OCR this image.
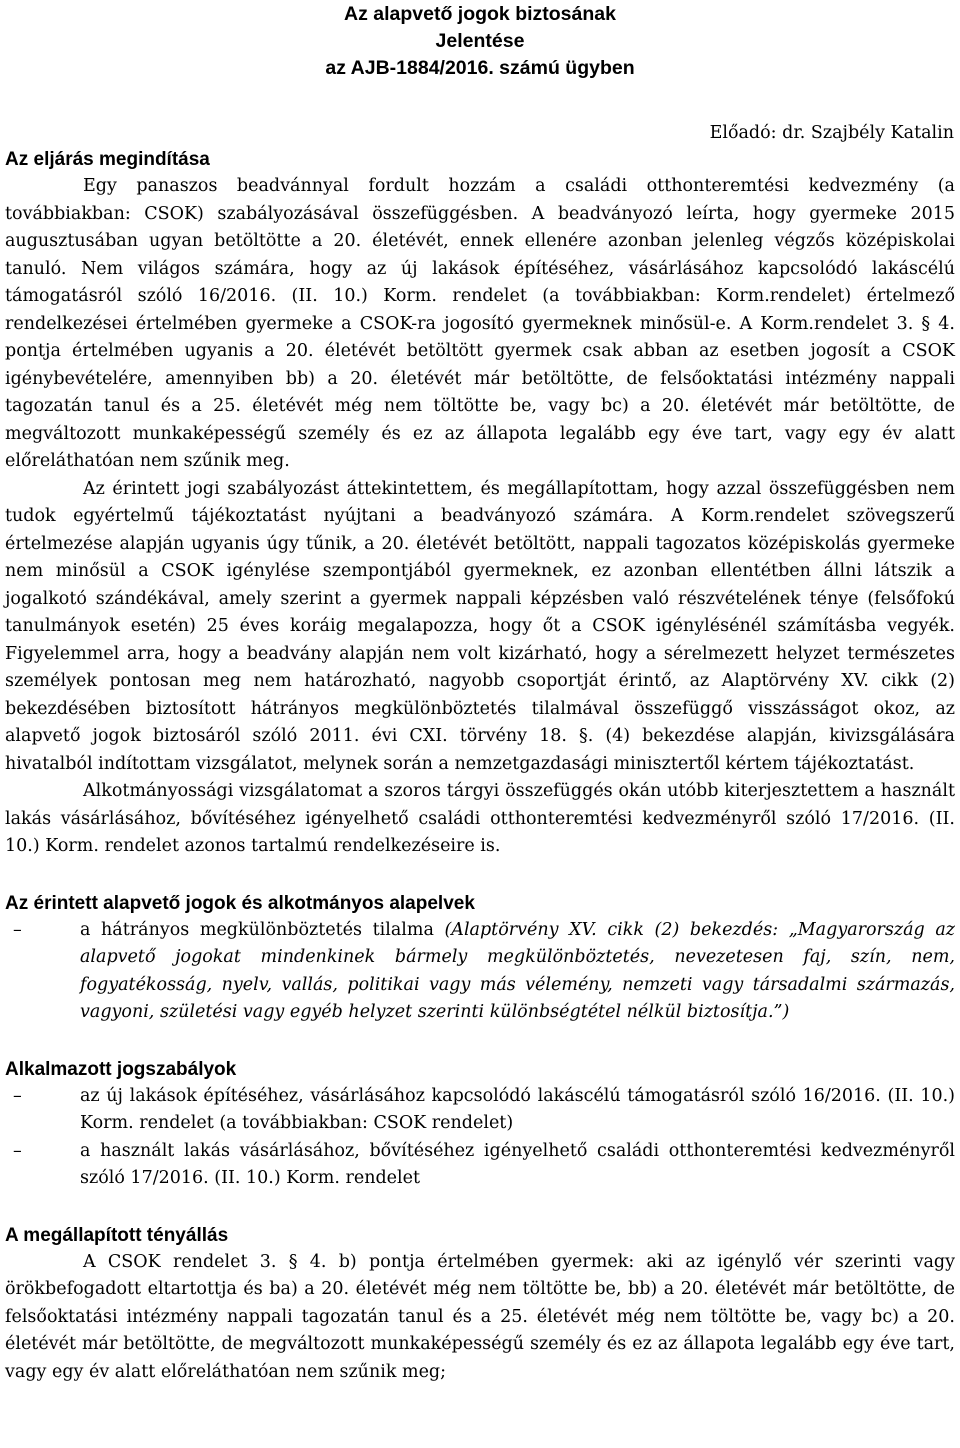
Az alapvető jogok biztosának
Jelentése
az AJB-1884/2016. számú ügyben
Előadó: dr. Szajbély Katalin
Az eljárás megindítása

Egy panaszos beadvánnyal fordult hozzám a családi otthonteremtési kedvezmény (a továbbiakban: CSOK) szabályozásával összefüggésben. A beadványozó leírta, hogy gyermeke 2015 augusztusában ugyan betöltötte a 20. életévét, ennek ellenére azonban jelenleg végzős középiskolai tanuló. Nem világos számára, hogy az új lakások építéséhez, vásárlásához kapcsolódó lakáscélú támogatásról szóló 16/2016. (II. 10.) Korm. rendelet (a továbbiakban: Korm.rendelet) értelmező rendelkezései értelmében gyermeke a CSOK-ra jogosító gyermeknek minősül-e. A Korm.rendelet 3. § 4. pontja értelmében ugyanis a 20. életévét betöltött gyermek csak abban az esetben jogosít a CSOK igénybevételére, amennyiben bb) a 20. életévét már betöltötte, de felsőoktatási intézmény nappali tagozatán tanul és a 25. életévét még nem töltötte be, vagy bc) a 20. életévét már betöltötte, de megváltozott munkaképességű személy és ez az állapota legalább egy éve tart, vagy egy év alatt előreláthatóan nem szűnik meg.

Az érintett jogi szabályozást áttekintettem, és megállapítottam, hogy azzal összefüggésben nem tudok egyértelmű tájékoztatást nyújtani a beadványozó számára. A Korm.rendelet szövegszerű értelmezése alapján ugyanis úgy tűnik, a 20. életévét betöltött, nappali tagozatos középiskolás gyermeke nem minősül a CSOK igénylése szempontjából gyermeknek, ez azonban ellentétben állni látszik a jogalkotó szándékával, amely szerint a gyermek nappali képzésben való részvételének ténye (felsőfokú tanulmányok esetén) 25 éves koráig megalapozza, hogy őt a CSOK igénylésénél számításba vegyék. Figyelemmel arra, hogy a beadvány alapján nem volt kizárható, hogy a sérelmezett helyzet természetes személyek pontosan meg nem határozható, nagyobb csoportját érintő, az Alaptörvény XV. cikk (2) bekezdésében biztosított hátrányos megkülönböztetés tilalmával összefüggő visszásságot okoz, az alapvető jogok biztosáról szóló 2011. évi CXI. törvény 18. §. (4) bekezdése alapján, kivizsgálására hivatalból indítottam vizsgálatot, melynek során a nemzetgazdasági minisztertől kértem tájékoztatást.

Alkotmányossági vizsgálatomat a szoros tárgyi összefüggés okán utóbb kiterjesztettem a használt lakás vásárlásához, bővítéséhez igényelhető családi otthonteremtési kedvezményről szóló 17/2016. (II. 10.) Korm. rendelet azonos tartalmú rendelkezéseire is.

Az érintett alapvető jogok és alkotmányos alapelvek
–	a hátrányos megkülönböztetés tilalma (Alaptörvény XV. cikk (2) bekezdés: „Magyarország az alapvető jogokat mindenkinek bármely megkülönböztetés, nevezetesen faj, szín, nem, fogyatékosság, nyelv, vallás, politikai vagy más vélemény, nemzeti vagy társadalmi származás, vagyoni, születési vagy egyéb helyzet szerinti különbségtétel nélkül biztosítja.”)
Alkalmazott jogszabályok
–	az új lakások építéséhez, vásárlásához kapcsolódó lakáscélú támogatásról szóló 16/2016. (II. 10.) Korm. rendelet (a továbbiakban: CSOK rendelet)
–	a használt lakás vásárlásához, bővítéséhez igényelhető családi otthonteremtési kedvezményről szóló 17/2016. (II. 10.) Korm. rendelet
A megállapított tényállás

A CSOK rendelet 3. § 4. b) pontja értelmében gyermek: aki az igénylő vér szerinti vagy örökbefogadott eltartottja és ba) a 20. életévét még nem töltötte be, bb) a 20. életévét már betöltötte, de felsőoktatási intézmény nappali tagozatán tanul és a 25. életévét még nem töltötte be, vagy bc) a 20. életévét már betöltötte, de megváltozott munkaképességű személy és ez az állapota legalább egy éve tart, vagy egy év alatt előreláthatóan nem szűnik meg;
